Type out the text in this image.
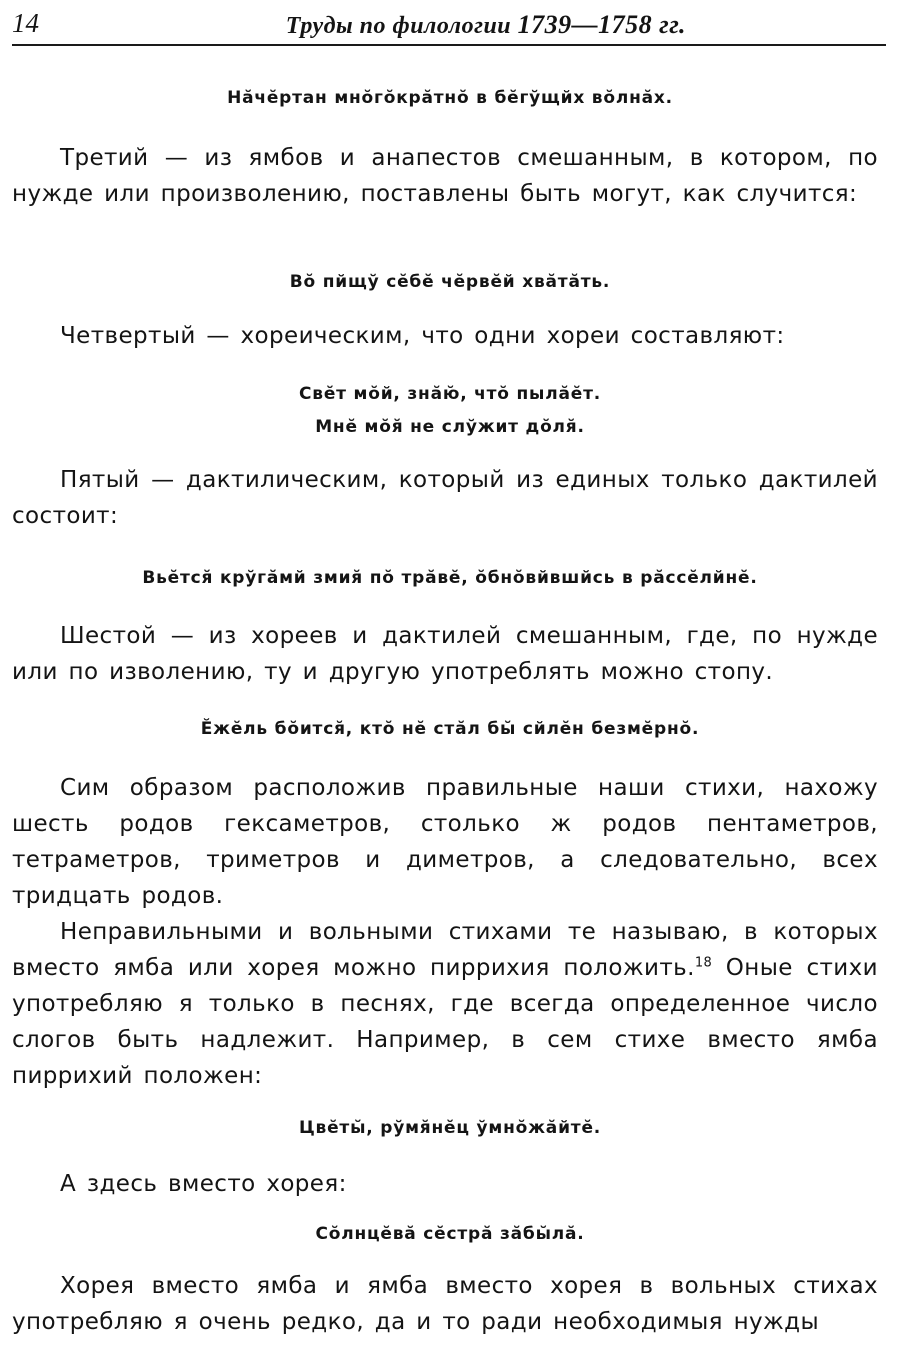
14	Труды по филологии 1739—1758 гг.

Нӑчӗртан мно̆го̆крӑтно̆ в бӗгўщйх во̆лнӑх.

Третий — из ямбов и анапестов смешанным, в котором, по нужде или произволению, поставлены быть могут, как случится:

Во̆ пйщў сӗбӗ чӗрвӗй хвӑтӑть.

Четвертый — хореическим, что одни хореи составляют:

Свӗт мо̆й, знӑю̆, что̆ пылӑӗт.
Мнӗ мо̆я̆ не слўжит до̆ля̆.

Пятый — дактилическим, который из единых только дактилей состоит:

Вьӗтся̆ крўгӑмй змия̆ по̆ трӑвӗ, о̆бно̆вйвшйсь в рӑссӗлйнӗ.

Шестой — из хореев и дактилей смешанным, где, по нужде или по изволению, ту и другую употреблять можно стопу.

Ӗжӗль бо̆ится̆, кто̆ нӗ стӑл бы̆ сйлӗн безмӗрно̆.

Сим образом расположив правильные наши стихи, нахожу шесть родов гексаметров, столько ж родов пентаметров, тетраметров, триметров и диметров, а следовательно, всех тридцать родов.

Неправильными и вольными стихами те называю, в которых вместо ямба или хорея можно пиррихия положить.$^{18}$ Оные стихи употребляю я только в песнях, где всегда определенное число слогов быть надлежит. Например, в сем стихе вместо ямба пиррихий положен:

Цвӗты̆, рўмя̆нӗц ўмно̆жӑйтӗ.

А здесь вместо хорея:

Со̆лнцӗвӑ сӗстрӑ зӑбы̆лӑ.

Хорея вместо ямба и ямба вместо хорея в вольных стихах употребляю я очень редко, да и то ради необходимыя нужды
